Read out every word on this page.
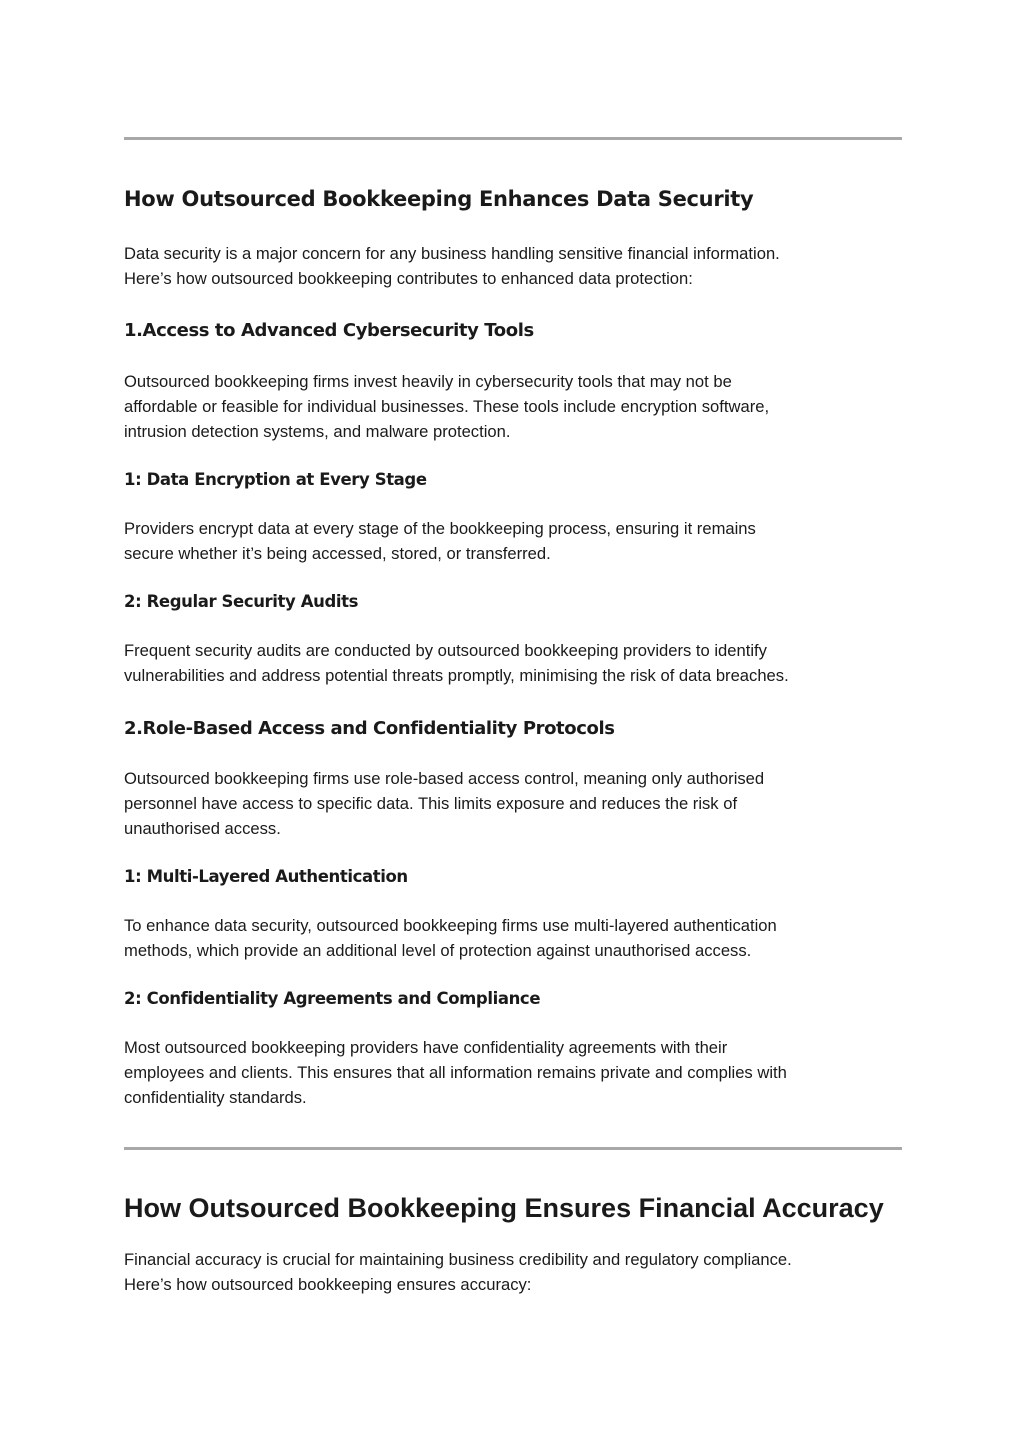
How Outsourced Bookkeeping Enhances Data Security
Data security is a major concern for any business handling sensitive financial information.
Here’s how outsourced bookkeeping contributes to enhanced data protection:
1.Access to Advanced Cybersecurity Tools
Outsourced bookkeeping firms invest heavily in cybersecurity tools that may not be
affordable or feasible for individual businesses. These tools include encryption software,
intrusion detection systems, and malware protection.
1: Data Encryption at Every Stage
Providers encrypt data at every stage of the bookkeeping process, ensuring it remains
secure whether it’s being accessed, stored, or transferred.
2: Regular Security Audits
Frequent security audits are conducted by outsourced bookkeeping providers to identify
vulnerabilities and address potential threats promptly, minimising the risk of data breaches.
2.Role-Based Access and Confidentiality Protocols
Outsourced bookkeeping firms use role-based access control, meaning only authorised
personnel have access to specific data. This limits exposure and reduces the risk of
unauthorised access.
1: Multi-Layered Authentication
To enhance data security, outsourced bookkeeping firms use multi-layered authentication
methods, which provide an additional level of protection against unauthorised access.
2: Confidentiality Agreements and Compliance
Most outsourced bookkeeping providers have confidentiality agreements with their
employees and clients. This ensures that all information remains private and complies with
confidentiality standards.
How Outsourced Bookkeeping Ensures Financial Accuracy
Financial accuracy is crucial for maintaining business credibility and regulatory compliance.
Here’s how outsourced bookkeeping ensures accuracy:
